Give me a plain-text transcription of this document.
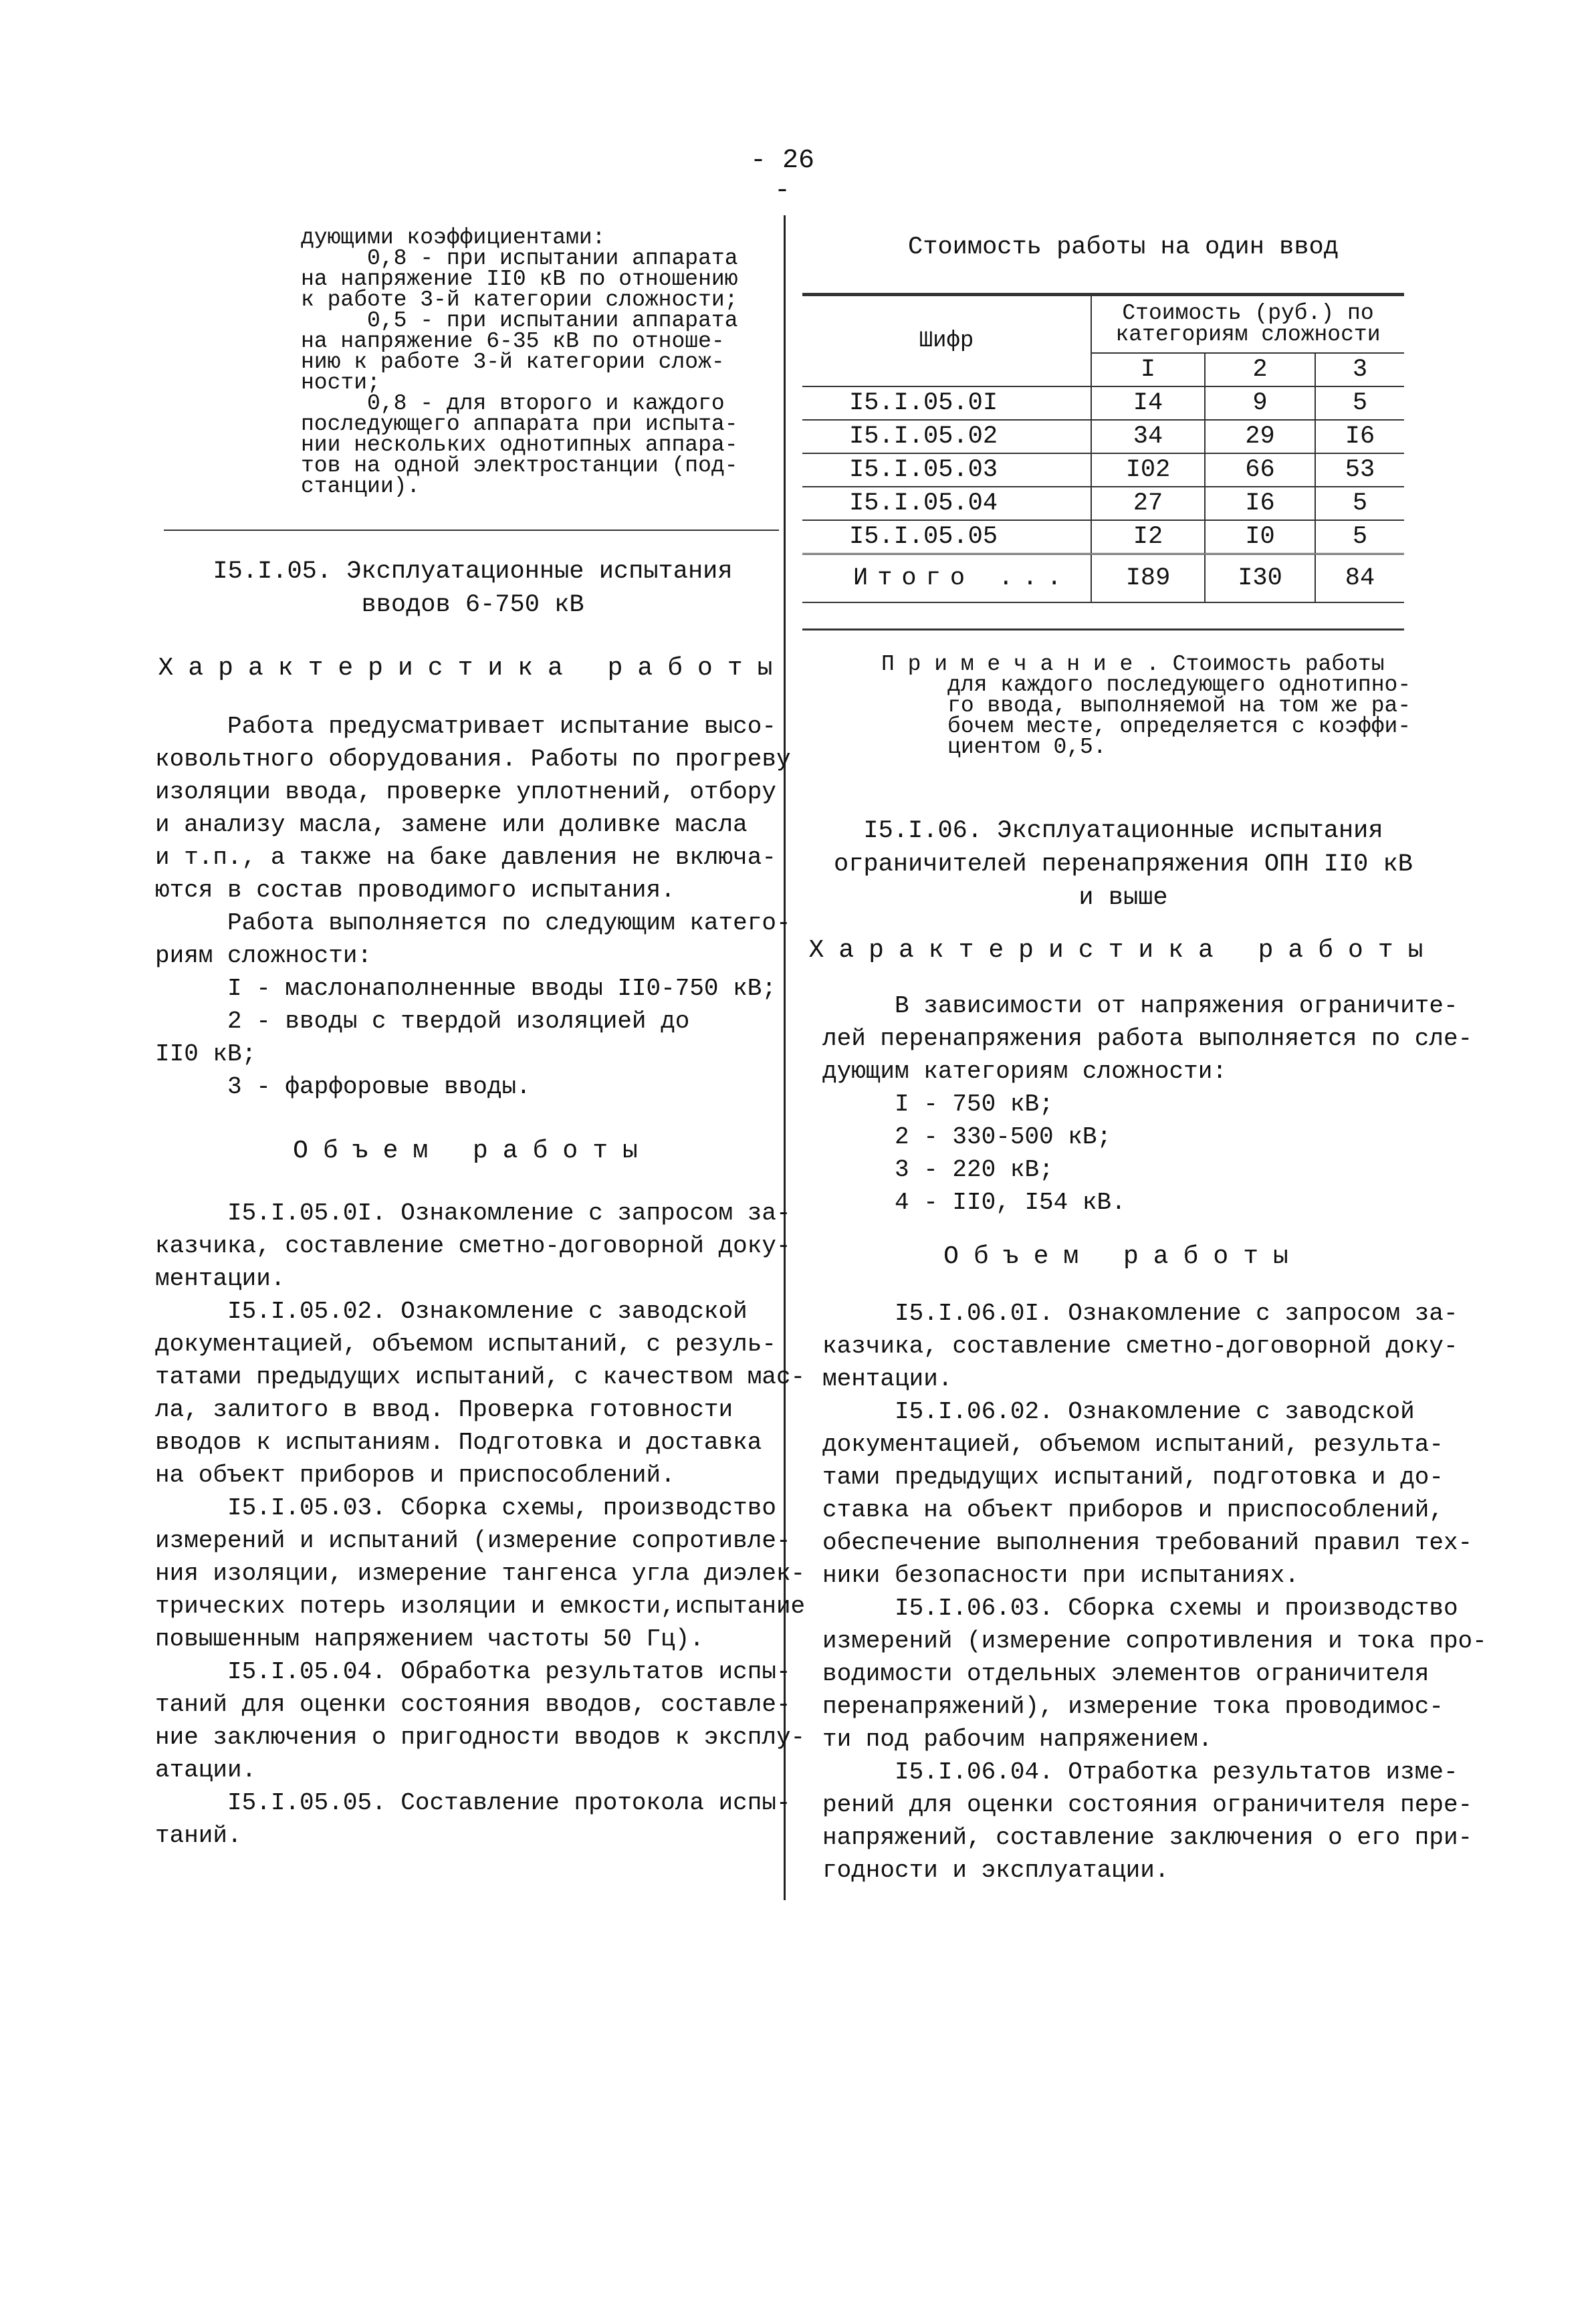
- 26 -

дующими коэффициентами:

0,8 - при испытании аппарата

на напряжение II0 кВ по отношению

к работе 3-й категории сложности;

0,5 - при испытании аппарата

на напряжение 6-35 кВ по отноше-

нию к работе 3-й категории слож-

ности;

0,8 - для второго и каждого

последующего аппарата при испыта-

нии нескольких однотипных аппара-

тов на одной электростанции (под-

станции).

I5.I.05. Эксплуатационные испытания

вводов 6-750 кВ

Характеристика работы

Работа предусматривает испытание высо-

ковольтного оборудования. Работы по прогреву

изоляции ввода, проверке уплотнений, отбору

и анализу масла, замене или доливке масла

и т.п., а также на баке давления не включа-

ются в состав проводимого испытания.

Работа выполняется по следующим катего-

риям сложности:

I - маслонаполненные вводы II0-750 кВ;

2 - вводы с твердой изоляцией до

II0 кВ;

3 - фарфоровые вводы.

Объем работы

I5.I.05.0I. Ознакомление с запросом за-

казчика, составление сметно-договорной доку-

ментации.

I5.I.05.02. Ознакомление с заводской

документацией, объемом испытаний, с резуль-

татами предыдущих испытаний, с качеством мас-

ла, залитого в ввод. Проверка готовности

вводов к испытаниям. Подготовка и доставка

на объект приборов и приспособлений.

I5.I.05.03. Сборка схемы, производство

измерений и испытаний (измерение сопротивле-

ния изоляции, измерение тангенса угла диэлек-

трических потерь изоляции и емкости,испытание

повышенным напряжением частоты 50 Гц).

I5.I.05.04. Обработка результатов испы-

таний для оценки состояния вводов, составле-

ние заключения о пригодности вводов к эксплу-

атации.

I5.I.05.05. Составление протокола испы-

таний.

Стоимость работы на один ввод

Шифр	Стоимость (руб.) по категориям сложности		
	I	2	3
I5.I.05.0I	I4	9	5
I5.I.05.02	34	29	I6
I5.I.05.03	I02	66	53
I5.I.05.04	27	I6	5
I5.I.05.05	I2	I0	5
Итого ...	I89	I30	84

П р и м е ч а н и е . Стоимость работы

для каждого последующего однотипно-

го ввода, выполняемой на том же ра-

бочем месте, определяется с коэффи-

циентом 0,5.

I5.I.06. Эксплуатационные испытания

ограничителей перенапряжения ОПН II0 кВ

и выше

Характеристика работы

В зависимости от напряжения ограничите-

лей перенапряжения работа выполняется по сле-

дующим категориям сложности:

I - 750 кВ;

2 - 330-500 кВ;

3 - 220 кВ;

4 - II0, I54 кВ.

Объем работы

I5.I.06.0I. Ознакомление с запросом за-

казчика, составление сметно-договорной доку-

ментации.

I5.I.06.02. Ознакомление с заводской

документацией, объемом испытаний, результа-

тами предыдущих испытаний, подготовка и до-

ставка на объект приборов и приспособлений,

обеспечение выполнения требований правил тех-

ники безопасности при испытаниях.

I5.I.06.03. Сборка схемы и производство

измерений (измерение сопротивления и тока про-

водимости отдельных элементов ограничителя

перенапряжений), измерение тока проводимос-

ти под рабочим напряжением.

I5.I.06.04. Отработка результатов изме-

рений для оценки состояния ограничителя пере-

напряжений, составление заключения о его при-

годности и эксплуатации.
